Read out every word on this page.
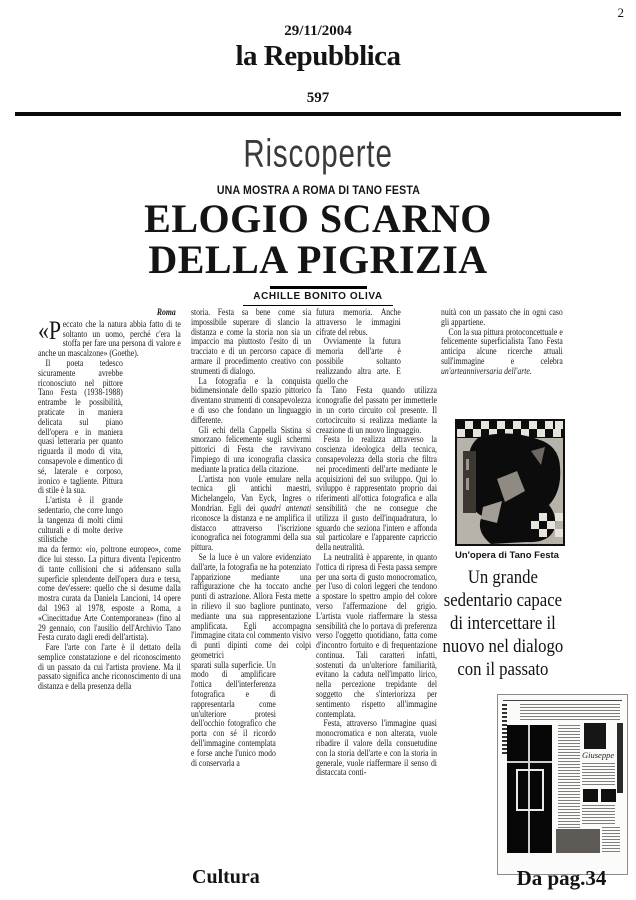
2
29/11/2004
la Repubblica
597
Riscoperte
UNA MOSTRA A ROMA DI TANO FESTA
ELOGIO SCARNO
DELLA PIGRIZIA
ACHILLE BONITO OLIVA

Roma

«Peccato che la natura abbia fatto di te soltanto un uomo, perché c'era la stoffa per fare una persona di valore e anche un mascalzone» (Goethe).

Il poeta tedesco sicuramente avrebbe riconosciuto nel pittore Tano Festa (1938-1988) entrambe le possibilità, praticate in maniera delicata sul piano dell'opera e in maniera quasi letteraria per quanto riguarda il modo di vita, consapevole e dimentico di sé, laterale e corposo, ironico e tagliente. Pittura di stile è la sua.

L'artista è il grande sedentario, che corre lungo la tangenza di molti climi culturali e di molte derive stilistiche

ma da fermo: «io, poltrone europeo», come dice lui stesso. La pittura diventa l'epicentro di tante collisioni che si addensano sulla superficie splendente dell'opera dura e tersa, come dev'essere: quello che si desume dalla mostra curata da Daniela Lancioni, 14 opere dal 1963 al 1978, esposte a Roma, a «Cinecittadue Arte Contemporanea» (fino al 29 gennaio, con l'ausilio dell'Archivio Tano Festa curato dagli eredi dell'artista).

Fare l'arte con l'arte è il dettato della semplice constatazione e del riconoscimento di un passato da cui l'artista proviene. Ma il passato significa anche riconoscimento di una distanza e della presenza della

storia. Festa sa bene come sia impossibile superare di slancio la distanza e come la storia non sia un impaccio ma piuttosto l'esito di un tracciato e di un percorso capace di armare il procedimento creativo con strumenti di dialogo.

La fotografia e la conquista bidimensionale dello spazio pittorico diventano strumenti di consapevolezza e di uso che fondano un linguaggio differente.

Gli echi della Cappella Sistina si smorzano felicemente sugli schermi pittorici di Festa che ravvivano l'impiego di una iconografia classica mediante la pratica della citazione.

L'artista non vuole emulare nella tecnica gli antichi maestri, Michelangelo, Van Eyck, Ingres o Mondrian. Egli dei quadri antenati riconosce la distanza e ne amplifica il distacco attraverso l'iscrizione iconografica nei fotogrammi della sua pittura.

Se la luce è un valore evidenziato dall'arte, la fotografia ne ha potenziato l'apparizione mediante una raffigurazione che ha toccato anche punti di astrazione. Allora Festa mette in rilievo il suo bagliore puntinato, mediante una sua rappresentazione amplificata. Egli accompagna l'immagine citata col commento visivo di punti dipinti come dei colpi geometrici

sparati sulla superficie. Un modo di amplificare l'ottica dell'interferenza fotografica e di rappresentarla come un'ulteriore protesi dell'occhio fotografico che porta con sé il ricordo dell'immagine contemplata e forse anche l'unico modo di conservarla a

futura memoria. Anche attraverso le immagini cifrate del rebus.

Ovviamente la futura memoria dell'arte è possibile soltanto realizzando altra arte. E quello che

fa Tano Festa quando utilizza iconografie del passato per immetterle in un corto circuito col presente. Il cortocircuito si realizza mediante la creazione di un nuovo linguaggio.

Festa lo realizza attraverso la coscienza ideologica della tecnica, consapevolezza della storia che filtra nei procedimenti dell'arte mediante le acquisizioni del suo sviluppo. Qui lo sviluppo è rappresentato proprio dai riferimenti all'ottica fotografica e alla sensibilità che ne consegue che utilizza il gusto dell'inquadratura, lo sguardo che seziona l'intero e affonda sul particolare e l'apparente capriccio della neutralità.

La neutralità è apparente, in quanto l'ottica di ripresa di Festa passa sempre per una sorta di gusto monocromatico, per l'uso di colori leggeri che tendono a spostare lo spettro ampio del colore verso l'affermazione del grigio. L'artista vuole riaffermare la stessa sensibilità che lo portava di preferenza verso l'oggetto quotidiano, fatta come d'incontro fortuito e di frequentazione continua. Tali caratteri infatti, sostenuti da un'ulteriore familiarità, evitano la caduta nell'impatto lirico, nella percezione trepidante del soggetto che s'interiorizza per sentimento rispetto all'immagine contemplata.

Festa, attraverso l'immagine quasi monocromatica e non alterata, vuole ribadire il valore della consuetudine con la storia dell'arte e con la storia in generale, vuole riaffermare il senso di distaccata conti-

nuità con un passato che in ogni caso gli appartiene.

Con la sua pittura protoconcettuale e felicemente superficialista Tano Festa anticipa alcune ricerche attuali sull'immagine e celebra un'arteanniversaria dell'arte.

Un'opera di Tano Festa
Un grande
sedentario capace
di intercettare il
nuovo nel dialogo
con il passato
Giuseppe
Cultura	Da pag.34
